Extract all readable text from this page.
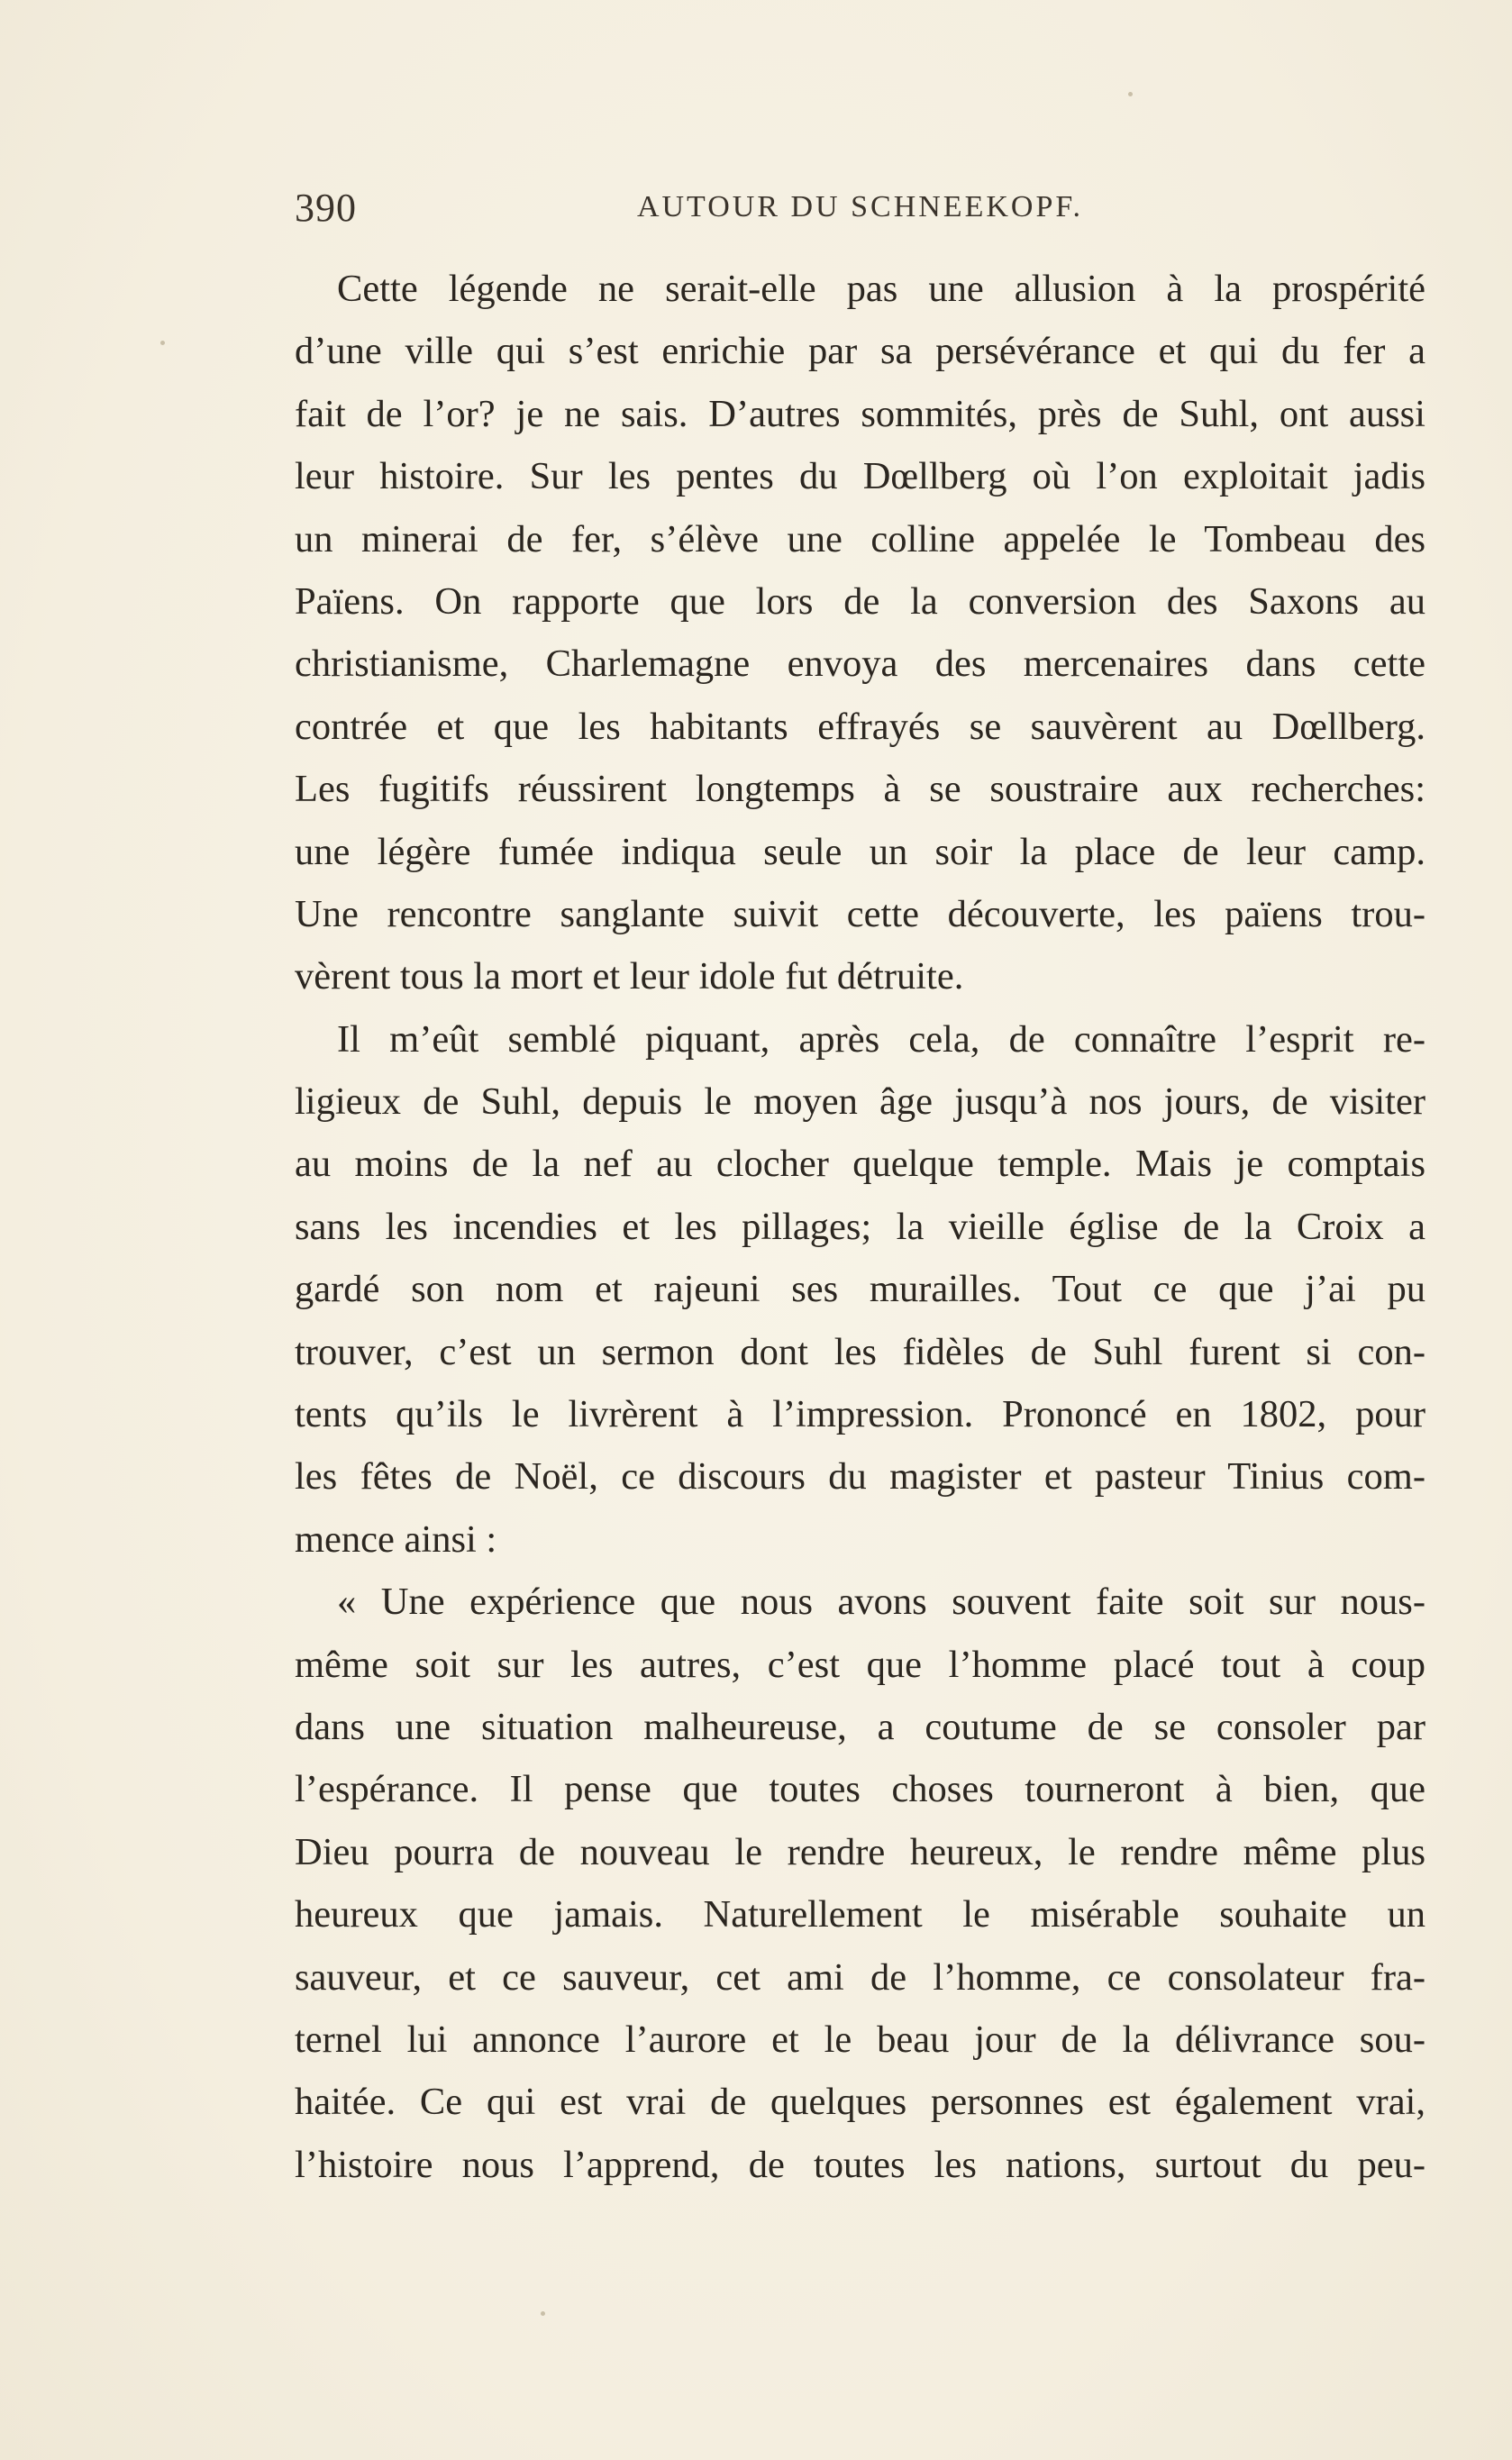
390	AUTOUR DU SCHNEEKOPF.
Cette légende ne serait-elle pas une allusion à la prospérité
d’une ville qui s’est enrichie par sa persévérance et qui du fer a
fait de l’or? je ne sais. D’autres sommités, près de Suhl, ont aussi
leur histoire. Sur les pentes du Dœllberg où l’on exploitait jadis
un minerai de fer, s’élève une colline appelée le Tombeau des
Païens. On rapporte que lors de la conversion des Saxons au
christianisme, Charlemagne envoya des mercenaires dans cette
contrée et que les habitants effrayés se sauvèrent au Dœllberg.
Les fugitifs réussirent longtemps à se soustraire aux recherches:
une légère fumée indiqua seule un soir la place de leur camp.
Une rencontre sanglante suivit cette découverte, les païens trou-
vèrent tous la mort et leur idole fut détruite.
Il m’eût semblé piquant, après cela, de connaître l’esprit re-
ligieux de Suhl, depuis le moyen âge jusqu’à nos jours, de visiter
au moins de la nef au clocher quelque temple. Mais je comptais
sans les incendies et les pillages; la vieille église de la Croix a
gardé son nom et rajeuni ses murailles. Tout ce que j’ai pu
trouver, c’est un sermon dont les fidèles de Suhl furent si con-
tents qu’ils le livrèrent à l’impression. Prononcé en 1802, pour
les fêtes de Noël, ce discours du magister et pasteur Tinius com-
mence ainsi :
« Une expérience que nous avons souvent faite soit sur nous-
même soit sur les autres, c’est que l’homme placé tout à coup
dans une situation malheureuse, a coutume de se consoler par
l’espérance. Il pense que toutes choses tourneront à bien, que
Dieu pourra de nouveau le rendre heureux, le rendre même plus
heureux que jamais. Naturellement le misérable souhaite un
sauveur, et ce sauveur, cet ami de l’homme, ce consolateur fra-
ternel lui annonce l’aurore et le beau jour de la délivrance sou-
haitée. Ce qui est vrai de quelques personnes est également vrai,
l’histoire nous l’apprend, de toutes les nations, surtout du peu-
